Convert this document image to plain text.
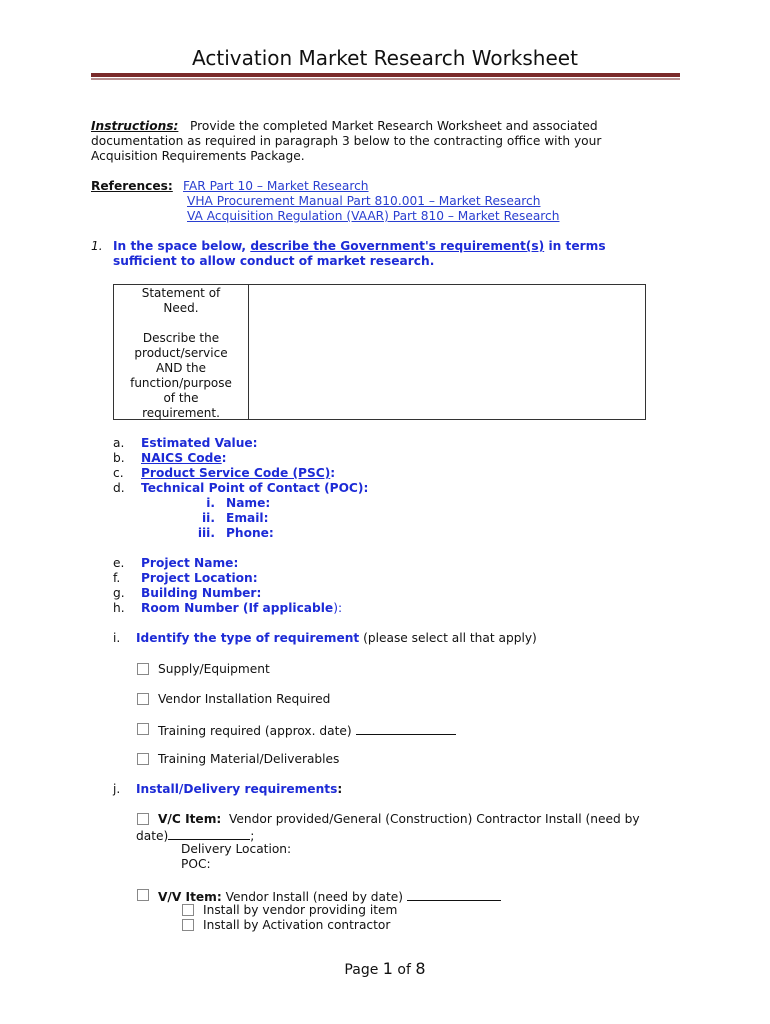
Activation Market Research Worksheet
Instructions: Provide the completed Market Research Worksheet and associated
documentation as required in paragraph 3 below to the contracting office with your
Acquisition Requirements Package.
References: FAR Part 10 – Market Research
VHA Procurement Manual Part 810.001 – Market Research
VA Acquisition Regulation (VAAR) Part 810 – Market Research
1. In the space below, describe the Government's requirement(s) in terms
sufficient to allow conduct of market research.
Statement of
Need.
Describe the
product/service
AND the
function/purpose
of the
requirement.
a. Estimated Value:
b. NAICS Code:
c. Product Service Code (PSC):
d. Technical Point of Contact (POC):
i. Name:
ii. Email:
iii. Phone:
e. Project Name:
f. Project Location:
g. Building Number:
h. Room Number (If applicable):
i. Identify the type of requirement (please select all that apply)
Supply/Equipment
Vendor Installation Required
Training required (approx. date)
Training Material/Deliverables
j. Install/Delivery requirements:
V/C Item: Vendor provided/General (Construction) Contractor Install (need by
date)	;
Delivery Location:
POC:
V/V Item: Vendor Install (need by date)
Install by vendor providing item
Install by Activation contractor
Page 1 of 8
